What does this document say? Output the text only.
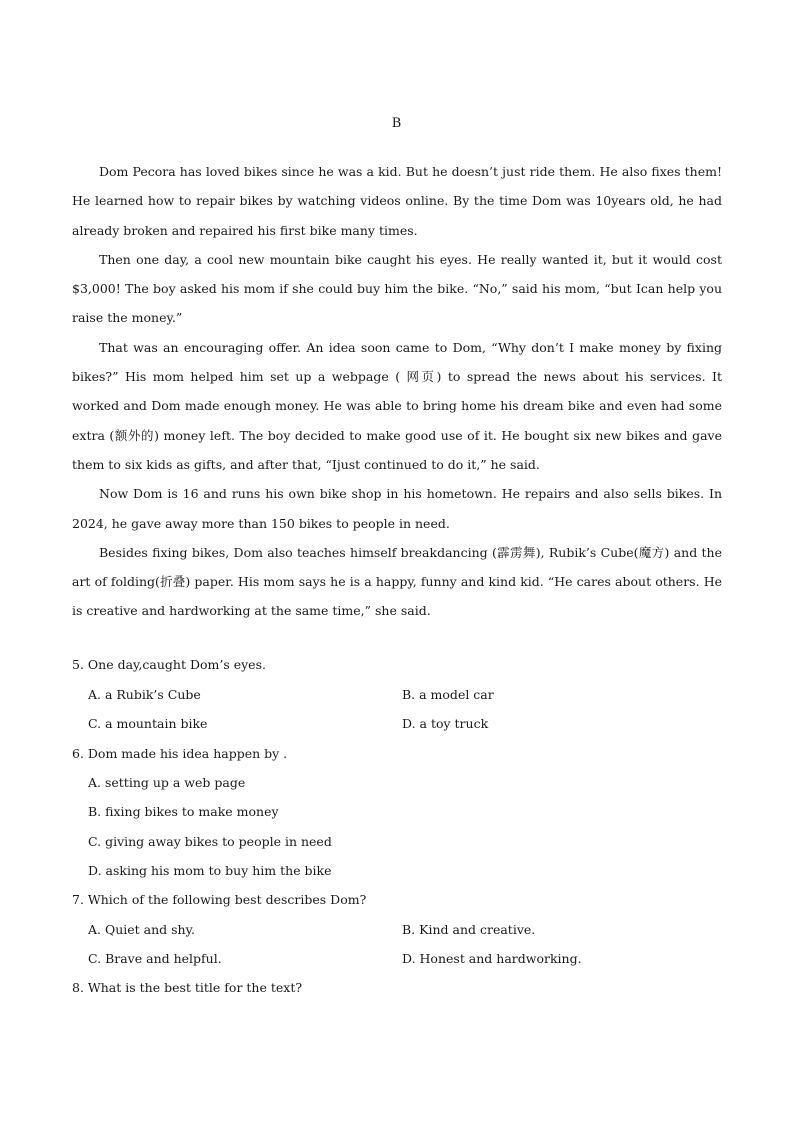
B

Dom Pecora has loved bikes since he was a kid. But he doesn’t just ride them. He also fixes them! He learned how to repair bikes by watching videos online. By the time Dom was 10years old, he had already broken and repaired his first bike many times.

Then one day, a cool new mountain bike caught his eyes. He really wanted it, but it would cost $3,000! The boy asked his mom if she could buy him the bike. “No,” said his mom, “but Ican help you raise the money.”

That was an encouraging offer. An idea soon came to Dom, “Why don’t I make money by fixing bikes?” His mom helped him set up a webpage ( 网页) to spread the news about his services. It worked and Dom made enough money. He was able to bring home his dream bike and even had some extra (额外的) money left. The boy decided to make good use of it. He bought six new bikes and gave them to six kids as gifts, and after that, “Ijust continued to do it,” he said.

Now Dom is 16 and runs his own bike shop in his hometown. He repairs and also sells bikes. In 2024, he gave away more than 150 bikes to people in need.

Besides fixing bikes, Dom also teaches himself breakdancing (霹雳舞), Rubik’s Cube(魔方) and the art of folding(折叠) paper. His mom says he is a happy, funny and kind kid. “He cares about others. He is creative and hardworking at the same time,” she said.

5. One day,caught Dom’s eyes.
A. a Rubik’s Cube	B. a model car
C. a mountain bike	D. a toy truck
6. Dom made his idea happen by .
A. setting up a web page
B. fixing bikes to make money
C. giving away bikes to people in need
D. asking his mom to buy him the bike
7. Which of the following best describes Dom?
A. Quiet and shy.	B. Kind and creative.
C. Brave and helpful.	D. Honest and hardworking.
8. What is the best title for the text?
